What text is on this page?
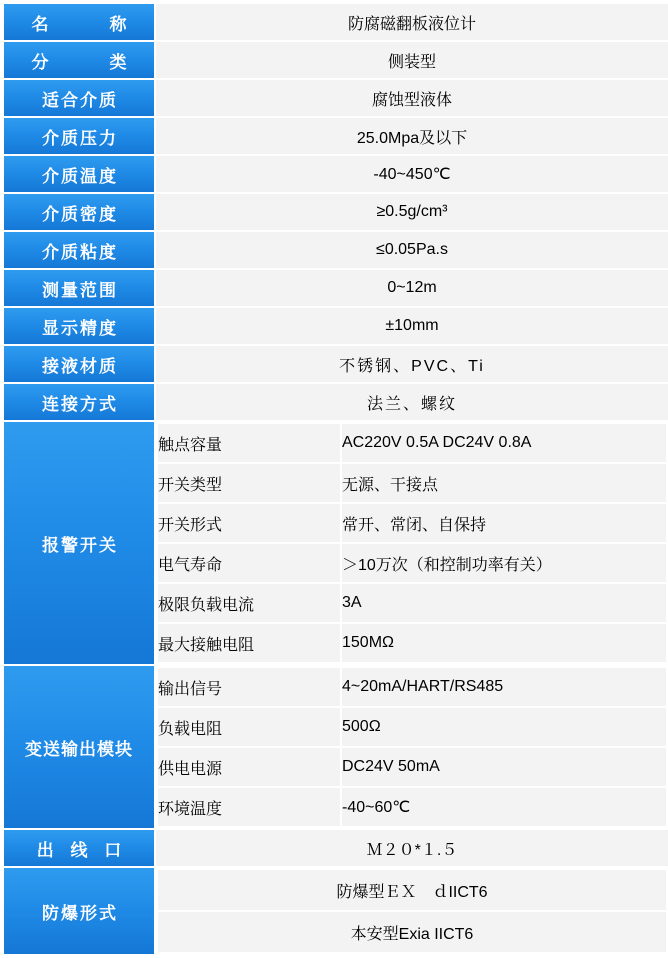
名　　称	防腐磁翻板液位计
分　　类	侧装型
适合介质	腐蚀型液体
介质压力	25.0Mpa及以下
介质温度	-40~450℃
介质密度	≥0.5g/cm³
介质粘度	≤0.05Pa.s
测量范围	0~12m
显示精度	±10mm
接液材质	不锈钢、PVC、Ti
连接方式	法兰、螺纹
报警开关	
触点容量	AC220V 0.5A DC24V 0.8A
开关类型	无源、干接点
开关形式	常开、常闭、自保持
电气寿命	＞10万次（和控制功率有关）
极限负载电流	3A
最大接触电阻	150MΩ

变送输出模块	
输出信号	4~20mA/HART/RS485
负载电阻	500Ω
供电电源	DC24V 50mA
环境温度	-40~60℃

出 线 口	Ｍ２０*１.５
防爆形式	
防爆型ＥＸ　ｄIICT6
本安型Exia IICT6
